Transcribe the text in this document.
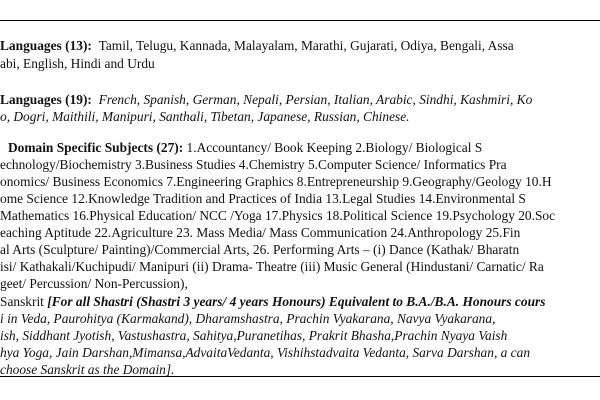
Languages (13): Tamil, Telugu, Kannada, Malayalam, Marathi, Gujarati, Odiya, Bengali, Assa
abi, English, Hindi and Urdu
Languages (19): French, Spanish, German, Nepali, Persian, Italian, Arabic, Sindhi, Kashmiri, Ko
o, Dogri, Maithili, Manipuri, Santhali, Tibetan, Japanese, Russian, Chinese.
Domain Specific Subjects (27): 1.Accountancy/ Book Keeping 2.Biology/ Biological S
echnology/Biochemistry 3.Business Studies 4.Chemistry 5.Computer Science/ Informatics Pra
onomics/ Business Economics 7.Engineering Graphics 8.Entrepreneurship 9.Geography/Geology 10.H
ome Science 12.Knowledge Tradition and Practices of India 13.Legal Studies 14.Environmental S
Mathematics 16.Physical Education/ NCC /Yoga 17.Physics 18.Political Science 19.Psychology 20.Soc
eaching Aptitude 22.Agriculture 23. Mass Media/ Mass Communication 24.Anthropology 25.Fin
al Arts (Sculpture/ Painting)/Commercial Arts, 26. Performing Arts – (i) Dance (Kathak/ Bharatn
isi/ Kathakali/Kuchipudi/ Manipuri (ii) Drama- Theatre (iii) Music General (Hindustani/ Carnatic/ Ra
geet/ Percussion/ Non-Percussion),
Sanskrit [For all Shastri (Shastri 3 years/ 4 years Honours) Equivalent to B.A./B.A. Honours cours
i in Veda, Paurohitya (Karmakand), Dharamshastra, Prachin Vyakarana, Navya Vyakarana,
ish, Siddhant Jyotish, Vastushastra, Sahitya,Puranetihas, Prakrit Bhasha,Prachin Nyaya Vaish
hya Yoga, Jain Darshan,Mimansa,AdvaitaVedanta, Vishihstadvaita Vedanta, Sarva Darshan, a can
choose Sanskrit as the Domain].
